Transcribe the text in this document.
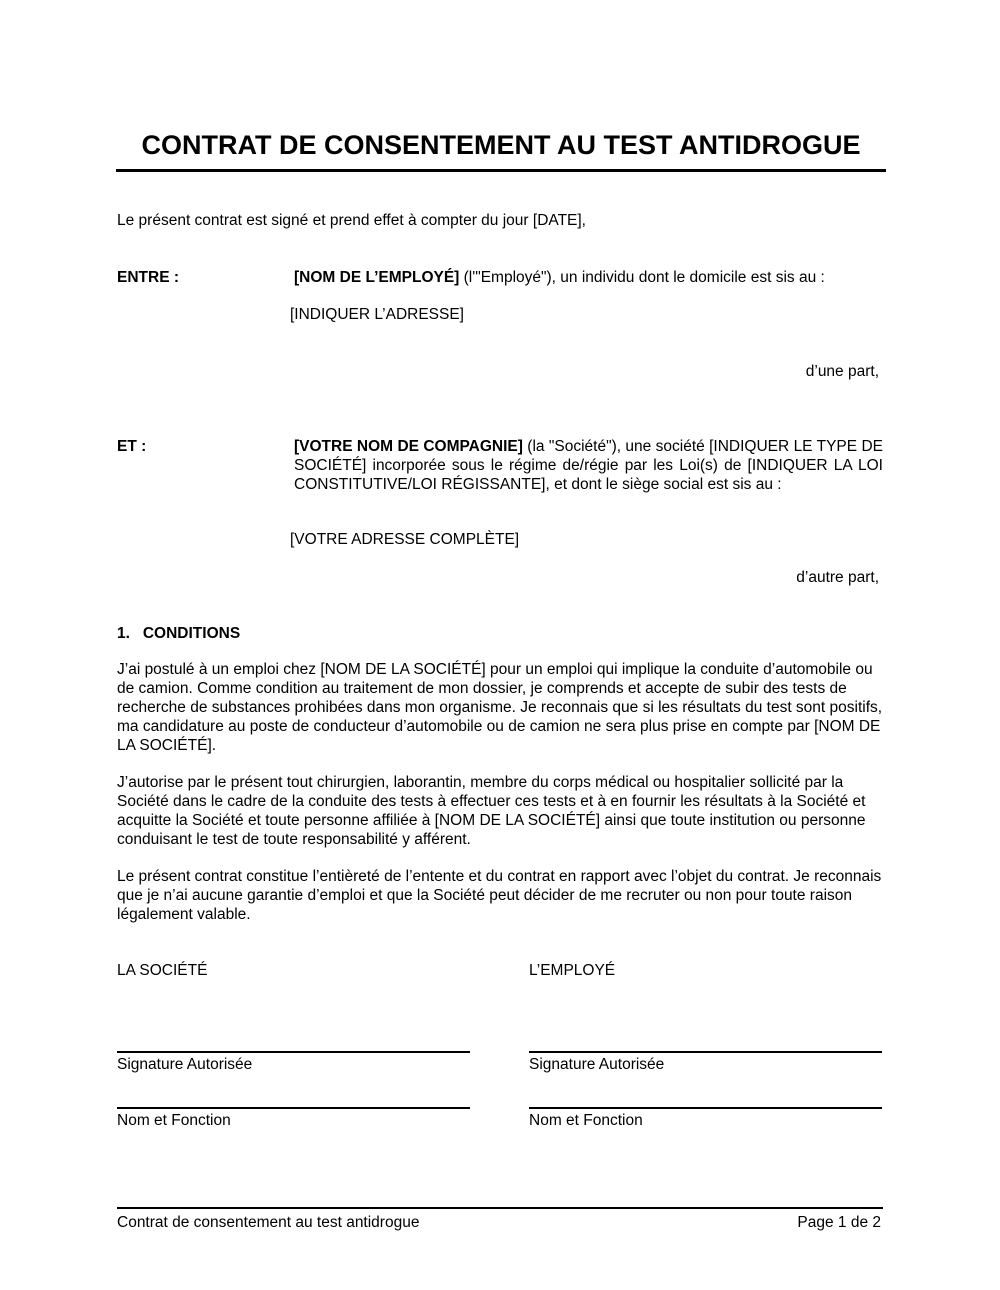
CONTRAT DE CONSENTEMENT AU TEST ANTIDROGUE
Le présent contrat est signé et prend effet à compter du jour [DATE],
ENTRE :	[NOM DE L’EMPLOYÉ] (l'"Employé"), un individu dont le domicile est sis au :
[INDIQUER L’ADRESSE]
d’une part,
ET :	[VOTRE NOM DE COMPAGNIE] (la "Société"), une société [INDIQUER LE TYPE DE SOCIÉTÉ] incorporée sous le régime de/régie par les Loi(s) de [INDIQUER LA LOI CONSTITUTIVE/LOI RÉGISSANTE], et dont le siège social est sis au :
[VOTRE ADRESSE COMPLÈTE]
d’autre part,
1.   CONDITIONS
J’ai postulé à un emploi chez [NOM DE LA SOCIÉTÉ] pour un emploi qui implique la conduite d’automobile ou de camion. Comme condition au traitement de mon dossier, je comprends et accepte de subir des tests de recherche de substances prohibées dans mon organisme. Je reconnais que si les résultats du test sont positifs, ma candidature au poste de conducteur d’automobile ou de camion ne sera plus prise en compte par [NOM DE LA SOCIÉTÉ].
J’autorise par le présent tout chirurgien, laborantin, membre du corps médical ou hospitalier sollicité par la Société dans le cadre de la conduite des tests à effectuer ces tests et à en fournir les résultats à la Société et acquitte la Société et toute personne affiliée à [NOM DE LA SOCIÉTÉ] ainsi que toute institution ou personne conduisant le test de toute responsabilité y afférent.
Le présent contrat constitue l’entièreté de l’entente et du contrat en rapport avec l’objet du contrat. Je reconnais que je n’ai aucune garantie d’emploi et que la Société peut décider de me recruter ou non pour toute raison légalement valable.
LA SOCIÉTÉ	L’EMPLOYÉ
Signature Autorisée	Signature Autorisée
Nom et Fonction	Nom et Fonction
Contrat de consentement au test antidrogue	Page 1 de 2
